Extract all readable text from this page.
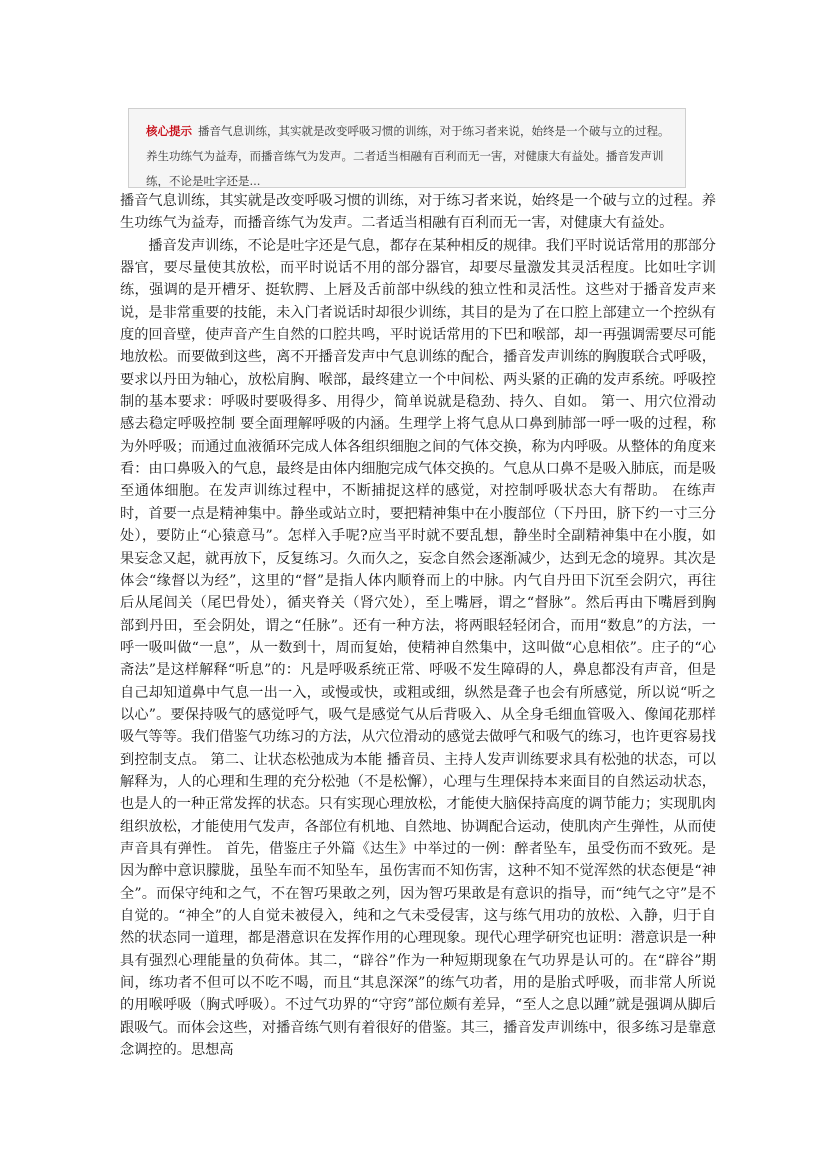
核心提示 播音气息训练，其实就是改变呼吸习惯的训练，对于练习者来说，始终是一个破与立的过程。养生功练气为益寿，而播音练气为发声。二者适当相融有百利而无一害，对健康大有益处。播音发声训练，不论是吐字还是...

播音气息训练，其实就是改变呼吸习惯的训练，对于练习者来说，始终是一个破与立的过程。养生功练气为益寿，而播音练气为发声。二者适当相融有百利而无一害，对健康大有益处。

播音发声训练，不论是吐字还是气息，都存在某种相反的规律。我们平时说话常用的那部分器官，要尽量使其放松，而平时说话不用的部分器官，却要尽量激发其灵活程度。比如吐字训练，强调的是开槽牙、挺软腭、上唇及舌前部中纵线的独立性和灵活性。这些对于播音发声来说，是非常重要的技能，未入门者说话时却很少训练，其目的是为了在口腔上部建立一个控纵有度的回音壁，使声音产生自然的口腔共鸣，平时说话常用的下巴和喉部，却一再强调需要尽可能地放松。而要做到这些，离不开播音发声中气息训练的配合，播音发声训练的胸腹联合式呼吸，要求以丹田为轴心，放松肩胸、喉部，最终建立一个中间松、两头紧的正确的发声系统。呼吸控制的基本要求：呼吸时要吸得多、用得少，简单说就是稳劲、持久、自如。 第一、用穴位滑动感去稳定呼吸控制 要全面理解呼吸的内涵。生理学上将气息从口鼻到肺部一呼一吸的过程，称为外呼吸；而通过血液循环完成人体各组织细胞之间的气体交换，称为内呼吸。从整体的角度来看：由口鼻吸入的气息，最终是由体内细胞完成气体交换的。气息从口鼻不是吸入肺底，而是吸至通体细胞。在发声训练过程中，不断捕捉这样的感觉，对控制呼吸状态大有帮助。 在练声时，首要一点是精神集中。静坐或站立时，要把精神集中在小腹部位（下丹田，脐下约一寸三分处），要防止“心猿意马”。怎样入手呢?应当平时就不要乱想，静坐时全副精神集中在小腹，如果妄念又起，就再放下，反复练习。久而久之，妄念自然会逐渐减少，达到无念的境界。其次是体会“缘督以为经”，这里的“督”是指人体内顺脊而上的中脉。内气自丹田下沉至会阴穴，再往后从尾闾关（尾巴骨处），循夹脊关（肾穴处），至上嘴唇，谓之“督脉”。然后再由下嘴唇到胸部到丹田，至会阴处，谓之“任脉”。还有一种方法，将两眼轻轻闭合，而用“数息”的方法，一呼一吸叫做“一息”，从一数到十，周而复始，使精神自然集中，这叫做“心息相依”。庄子的“心斋法”是这样解释“听息”的：凡是呼吸系统正常、呼吸不发生障碍的人，鼻息都没有声音，但是自己却知道鼻中气息一出一入，或慢或快，或粗或细，纵然是聋子也会有所感觉，所以说“听之以心”。要保持吸气的感觉呼气，吸气是感觉气从后背吸入、从全身毛细血管吸入、像闻花那样吸气等等。我们借鉴气功练习的方法，从穴位滑动的感觉去做呼气和吸气的练习，也许更容易找到控制支点。 第二、让状态松弛成为本能 播音员、主持人发声训练要求具有松弛的状态，可以解释为，人的心理和生理的充分松弛（不是松懈），心理与生理保持本来面目的自然运动状态，也是人的一种正常发挥的状态。只有实现心理放松，才能使大脑保持高度的调节能力；实现肌肉组织放松，才能使用气发声，各部位有机地、自然地、协调配合运动，使肌肉产生弹性，从而使声音具有弹性。 首先，借鉴庄子外篇《达生》中举过的一例：醉者坠车，虽受伤而不致死。是因为醉中意识朦胧，虽坠车而不知坠车，虽伤害而不知伤害，这种不知不觉浑然的状态便是“神全”。而保守纯和之气，不在智巧果敢之列，因为智巧果敢是有意识的指导，而“纯气之守”是不自觉的。“神全”的人自觉未被侵入，纯和之气未受侵害，这与练气用功的放松、入静，归于自然的状态同一道理，都是潜意识在发挥作用的心理现象。现代心理学研究也证明：潜意识是一种具有强烈心理能量的负荷体。其二，“辟谷”作为一种短期现象在气功界是认可的。在“辟谷”期间，练功者不但可以不吃不喝，而且“其息深深”的练气功者，用的是胎式呼吸，而非常人所说的用喉呼吸（胸式呼吸）。不过气功界的“守窍”部位颇有差异，“至人之息以踵”就是强调从脚后跟吸气。而体会这些，对播音练气则有着很好的借鉴。其三，播音发声训练中，很多练习是靠意念调控的。思想高
